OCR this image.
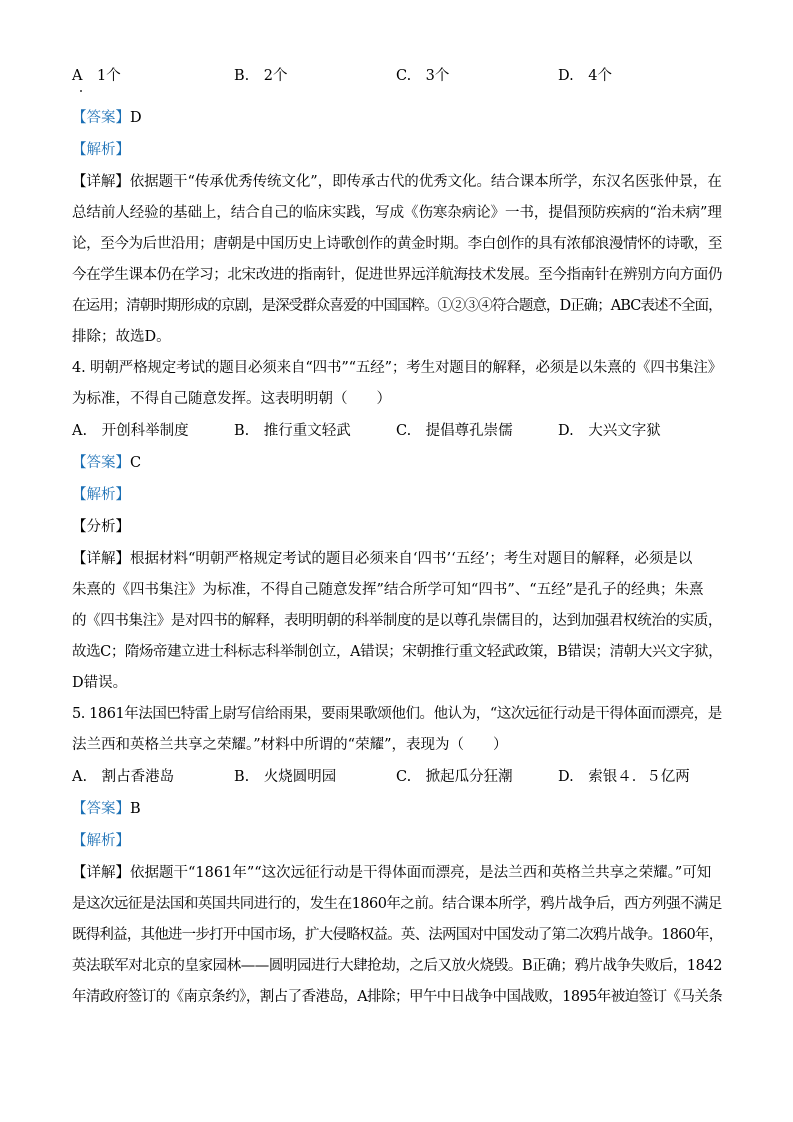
A　1个	B.　2个	C.　3个	D.　4个
【答案】D
【解析】
【详解】依据题干“传承优秀传统文化”，即传承古代的优秀文化。结合课本所学，东汉名医张仲景，在
总结前人经验的基础上，结合自己的临床实践，写成《伤寒杂病论》一书，提倡预防疾病的“治未病”理
论，至今为后世沿用；唐朝是中国历史上诗歌创作的黄金时期。李白创作的具有浓郁浪漫情怀的诗歌，至
今在学生课本仍在学习；北宋改进的指南针，促进世界远洋航海技术发展。至今指南针在辨别方向方面仍
在运用；清朝时期形成的京剧，是深受群众喜爱的中国国粹。①②③④符合题意，D正确；ABC表述不全面，
排除；故选D。
4. 明朝严格规定考试的题目必须来自“四书”“五经”；考生对题目的解释，必须是以朱熹的《四书集注》
为标准，不得自己随意发挥。这表明明朝（　　）
A.　开创科举制度	B.　推行重文轻武	C.　提倡尊孔崇儒	D.　大兴文字狱
【答案】C
【解析】
【分析】
【详解】根据材料“明朝严格规定考试的题目必须来自‘四书’‘五经’；考生对题目的解释，必须是以
朱熹的《四书集注》为标准，不得自己随意发挥”结合所学可知“四书”、“五经”是孔子的经典；朱熹
的《四书集注》是对四书的解释，表明明朝的科举制度的是以尊孔崇儒目的，达到加强君权统治的实质，
故选C；隋炀帝建立进士科标志科举制创立，A错误；宋朝推行重文轻武政策，B错误；清朝大兴文字狱，
D错误。
5. 1861年法国巴特雷上尉写信给雨果，要雨果歌颂他们。他认为，“这次远征行动是干得体面而漂亮，是
法兰西和英格兰共享之荣耀。”材料中所谓的“荣耀”，表现为（　　）
A.　割占香港岛	B.　火烧圆明园	C.　掀起瓜分狂潮	D.　索银４．５亿两
【答案】B
【解析】
【详解】依据题干“1861年”“这次远征行动是干得体面而漂亮，是法兰西和英格兰共享之荣耀。”可知
是这次远征是法国和英国共同进行的，发生在1860年之前。结合课本所学，鸦片战争后，西方列强不满足
既得利益，其他进一步打开中国市场，扩大侵略权益。英、法两国对中国发动了第二次鸦片战争。1860年，
英法联军对北京的皇家园林——圆明园进行大肆抢劫，之后又放火烧毁。B正确；鸦片战争失败后，1842
年清政府签订的《南京条约》，割占了香港岛，A排除；甲午中日战争中国战败，1895年被迫签订《马关条
